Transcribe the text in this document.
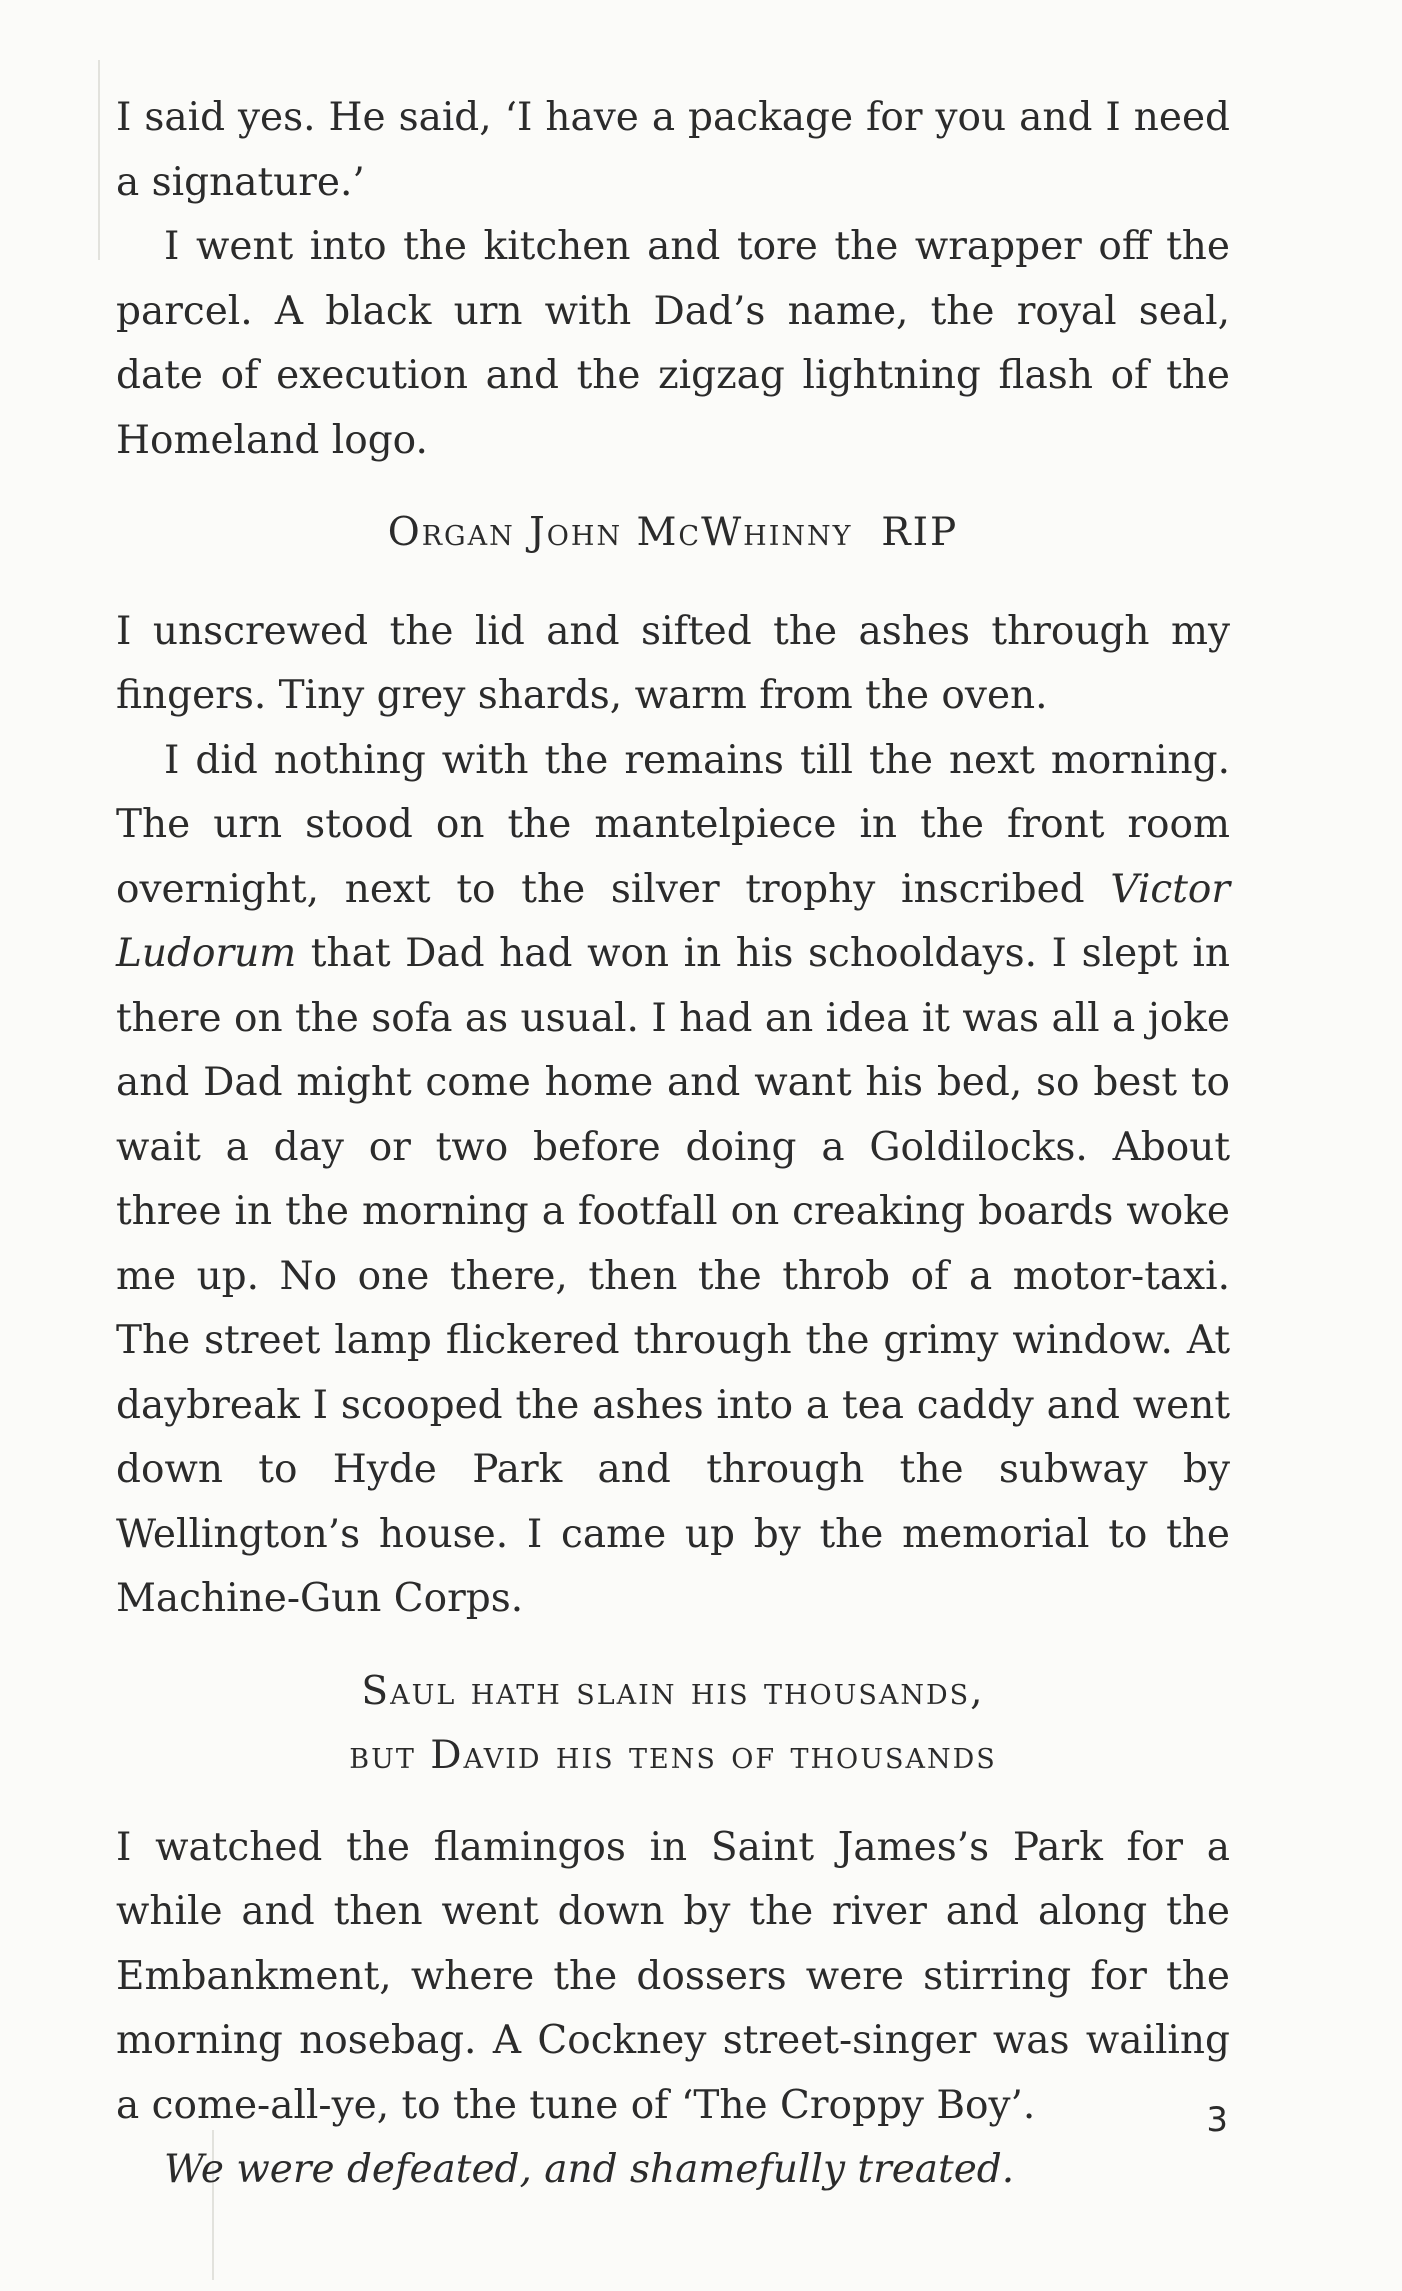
I said yes. He said, ‘I have a package for you and I need a signature.’

I went into the kitchen and tore the wrapper off the parcel. A black urn with Dad’s name, the royal seal, date of execution and the zigzag lightning flash of the Homeland logo.

Organ John McWhinny  RIP

I unscrewed the lid and sifted the ashes through my fingers. Tiny grey shards, warm from the oven.

I did nothing with the remains till the next morning. The urn stood on the mantelpiece in the front room overnight, next to the silver trophy inscribed Victor Ludorum that Dad had won in his schooldays. I slept in there on the sofa as usual. I had an idea it was all a joke and Dad might come home and want his bed, so best to wait a day or two before doing a Goldilocks. About three in the morning a footfall on creaking boards woke me up. No one there, then the throb of a motor-taxi. The street lamp flickered through the grimy window. At daybreak I scooped the ashes into a tea caddy and went down to Hyde Park and through the subway by Wellington’s house. I came up by the memorial to the Machine-Gun Corps.

Saul hath slain his thousands,
but David his tens of thousands

I watched the flamingos in Saint James’s Park for a while and then went down by the river and along the Embankment, where the dossers were stirring for the morning nosebag. A Cockney street-singer was wailing a come-all-ye, to the tune of ‘The Croppy Boy’.

We were defeated, and shamefully treated.

3
